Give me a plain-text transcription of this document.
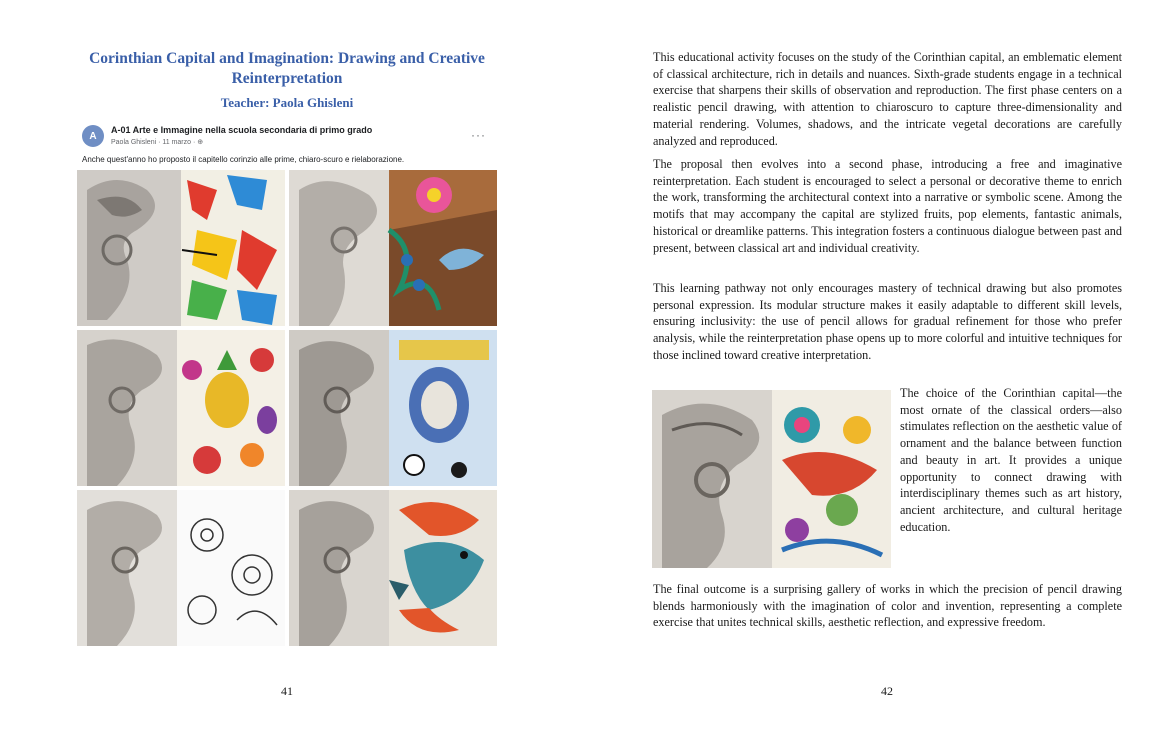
Corinthian Capital and Imagination: Drawing and Creative Reinterpretation
Teacher: Paola Ghisleni
A
A-01 Arte e Immagine nella scuola secondaria di primo grado
Paola Ghisleni · 11 marzo · ⊕
···
Anche quest'anno ho proposto il capitello corinzio alle prime, chiaro-scuro e rielaborazione.
41
This educational activity focuses on the study of the Corinthian capital, an emblematic element of classical architecture, rich in details and nuances. Sixth-grade students engage in a technical exercise that sharpens their skills of observation and reproduction. The first phase centers on a realistic pencil drawing, with attention to chiaroscuro to capture three-dimensionality and material rendering. Volumes, shadows, and the intricate vegetal decorations are carefully analyzed and reproduced.
The proposal then evolves into a second phase, introducing a free and imaginative reinterpretation. Each student is encouraged to select a personal or decorative theme to enrich the work, transforming the architectural context into a narrative or symbolic scene. Among the motifs that may accompany the capital are stylized fruits, pop elements, fantastic animals, historical or dreamlike patterns. This integration fosters a continuous dialogue between past and present, between classical art and individual creativity.
This learning pathway not only encourages mastery of technical drawing but also promotes personal expression. Its modular structure makes it easily adaptable to different skill levels, ensuring inclusivity: the use of pencil allows for gradual refinement for those who prefer analysis, while the reinterpretation phase opens up to more colorful and intuitive techniques for those inclined toward creative interpretation.
The choice of the Corinthian capital—the most ornate of the classical orders—also stimulates reflection on the aesthetic value of ornament and the balance between function and beauty in art. It provides a unique opportunity to connect drawing with interdisciplinary themes such as art history, ancient architecture, and cultural heritage education.
The final outcome is a surprising gallery of works in which the precision of pencil drawing blends harmoniously with the imagination of color and invention, representing a complete exercise that unites technical skills, aesthetic reflection, and expressive freedom.
42
